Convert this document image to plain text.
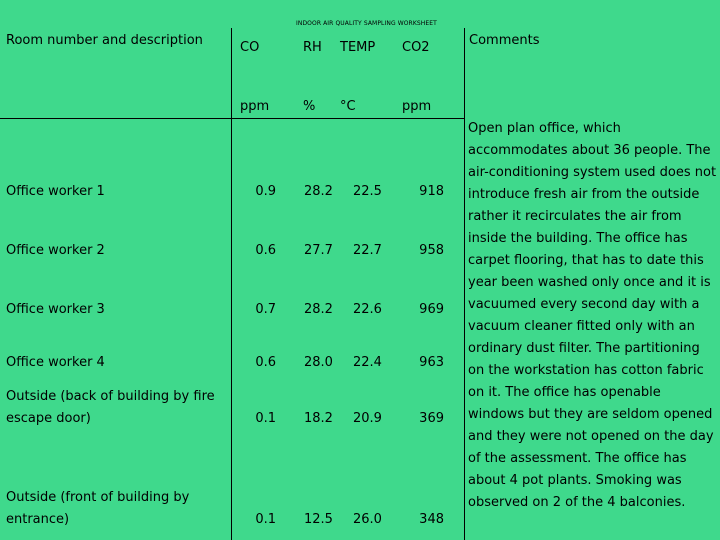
INDOOR AIR QUALITY SAMPLING WORKSHEET
Room number and description	CO	RH TEMP CO2	Comments
ppm	% °C	ppm
Office worker 1	0.9 28.2 22.5	918
Office worker 2	0.6 27.7 22.7	958
Office worker 3	0.7 28.2 22.6	969
Office worker 4	0.6 28.0 22.4	963
Outside (back of building by fire escape door)	0.1 18.2 20.9	369
Outside (front of building by entrance)	0.1 12.5 26.0	348
Open plan office, which accommodates about 36 people. The air-conditioning system used does not introduce fresh air from the outside rather it recirculates the air from inside the building. The office has carpet flooring, that has to date this year been washed only once and it is vacuumed every second day with a vacuum cleaner fitted only with an ordinary dust filter. The partitioning on the workstation has cotton fabric on it. The office has openable windows but they are seldom opened and they were not opened on the day of the assessment. The office has about 4 pot plants. Smoking was observed on 2 of the 4 balconies.
